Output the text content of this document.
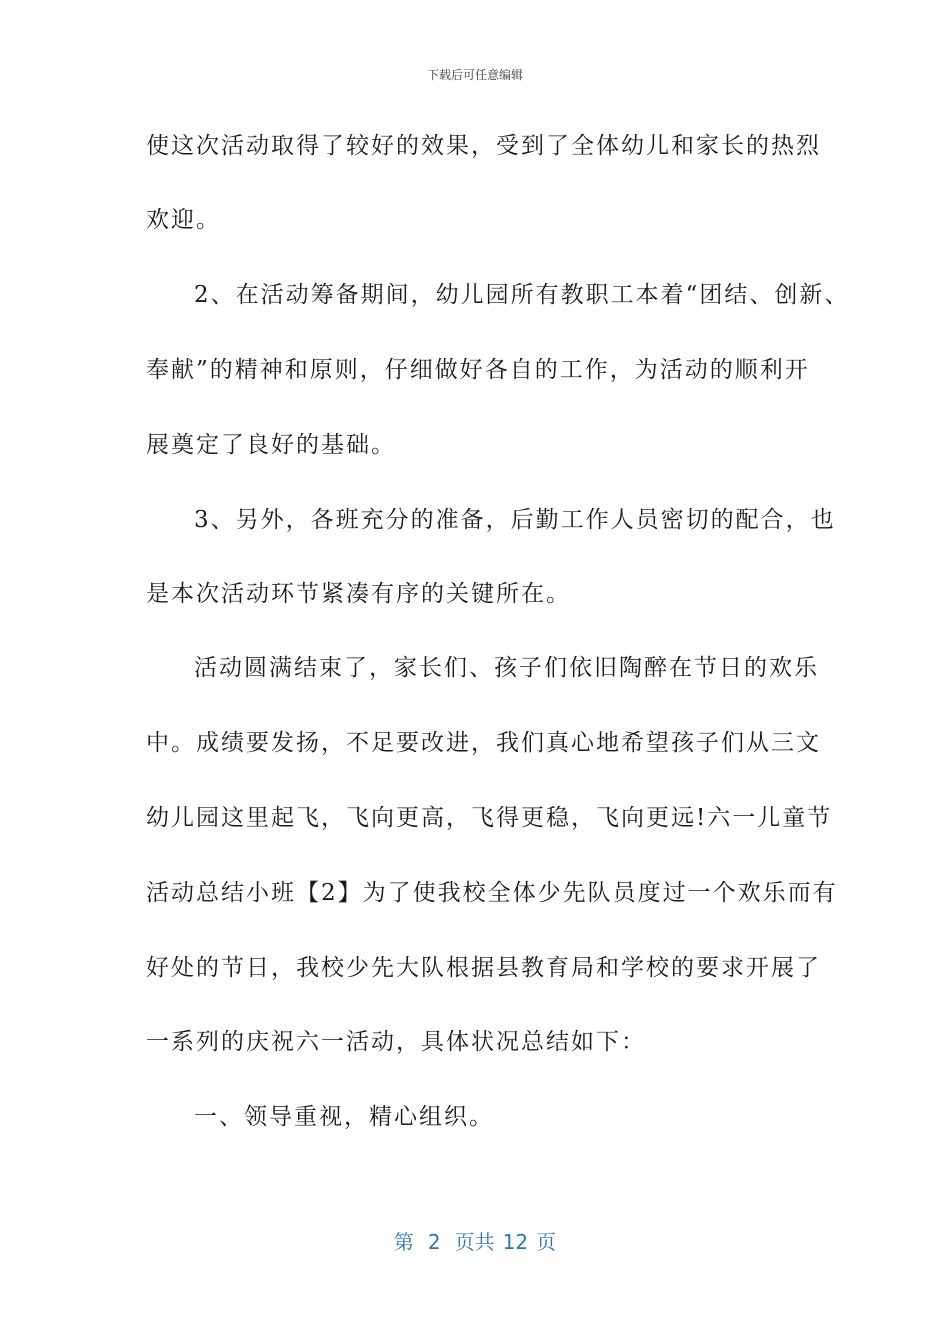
下载后可任意编辑
使这次活动取得了较好的效果，受到了全体幼儿和家长的热烈
欢迎。
2、在活动筹备期间，幼儿园所有教职工本着“团结、创新、
奉献”的精神和原则，仔细做好各自的工作，为活动的顺利开
展奠定了良好的基础。
3、另外，各班充分的准备，后勤工作人员密切的配合，也
是本次活动环节紧凑有序的关键所在。
活动圆满结束了，家长们、孩子们依旧陶醉在节日的欢乐
中。成绩要发扬，不足要改进，我们真心地希望孩子们从三文
幼儿园这里起飞，飞向更高，飞得更稳，飞向更远!六一儿童节
活动总结小班【2】为了使我校全体少先队员度过一个欢乐而有
好处的节日，我校少先大队根据县教育局和学校的要求开展了
一系列的庆祝六一活动，具体状况总结如下：
一、领导重视，精心组织。
第 2 页共 12 页
